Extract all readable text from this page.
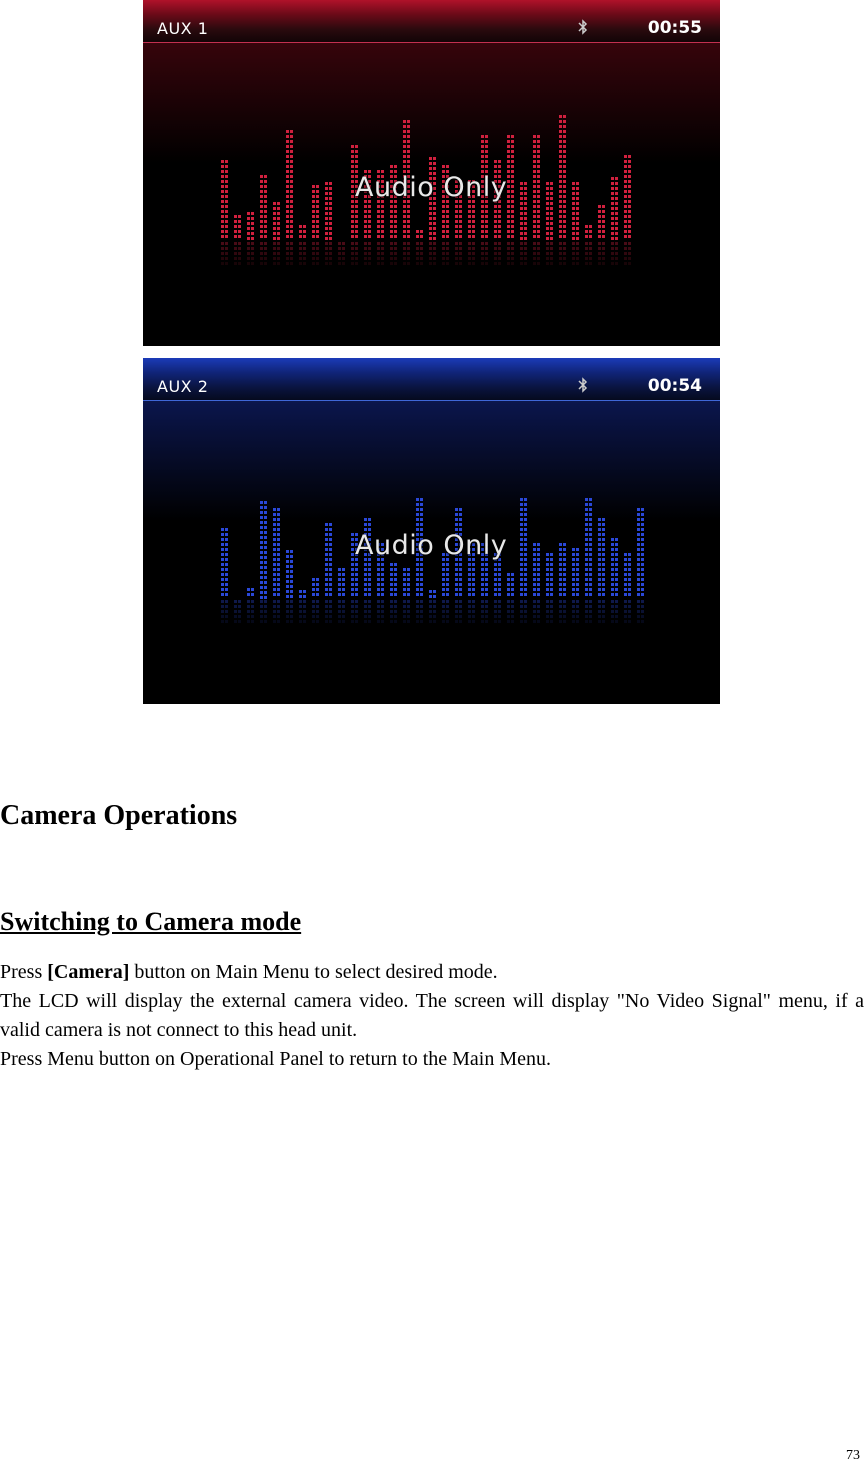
AUX 1	00:55
Audio Only
AUX 2	00:54
Audio Only
Camera Operations
Switching to Camera mode
Press [Camera] button on Main Menu to select desired mode.
The LCD will display the external camera video. The screen will display "No Video Signal" menu, if a valid camera is not connect to this head unit.
Press Menu button on Operational Panel to return to the Main Menu.
73
